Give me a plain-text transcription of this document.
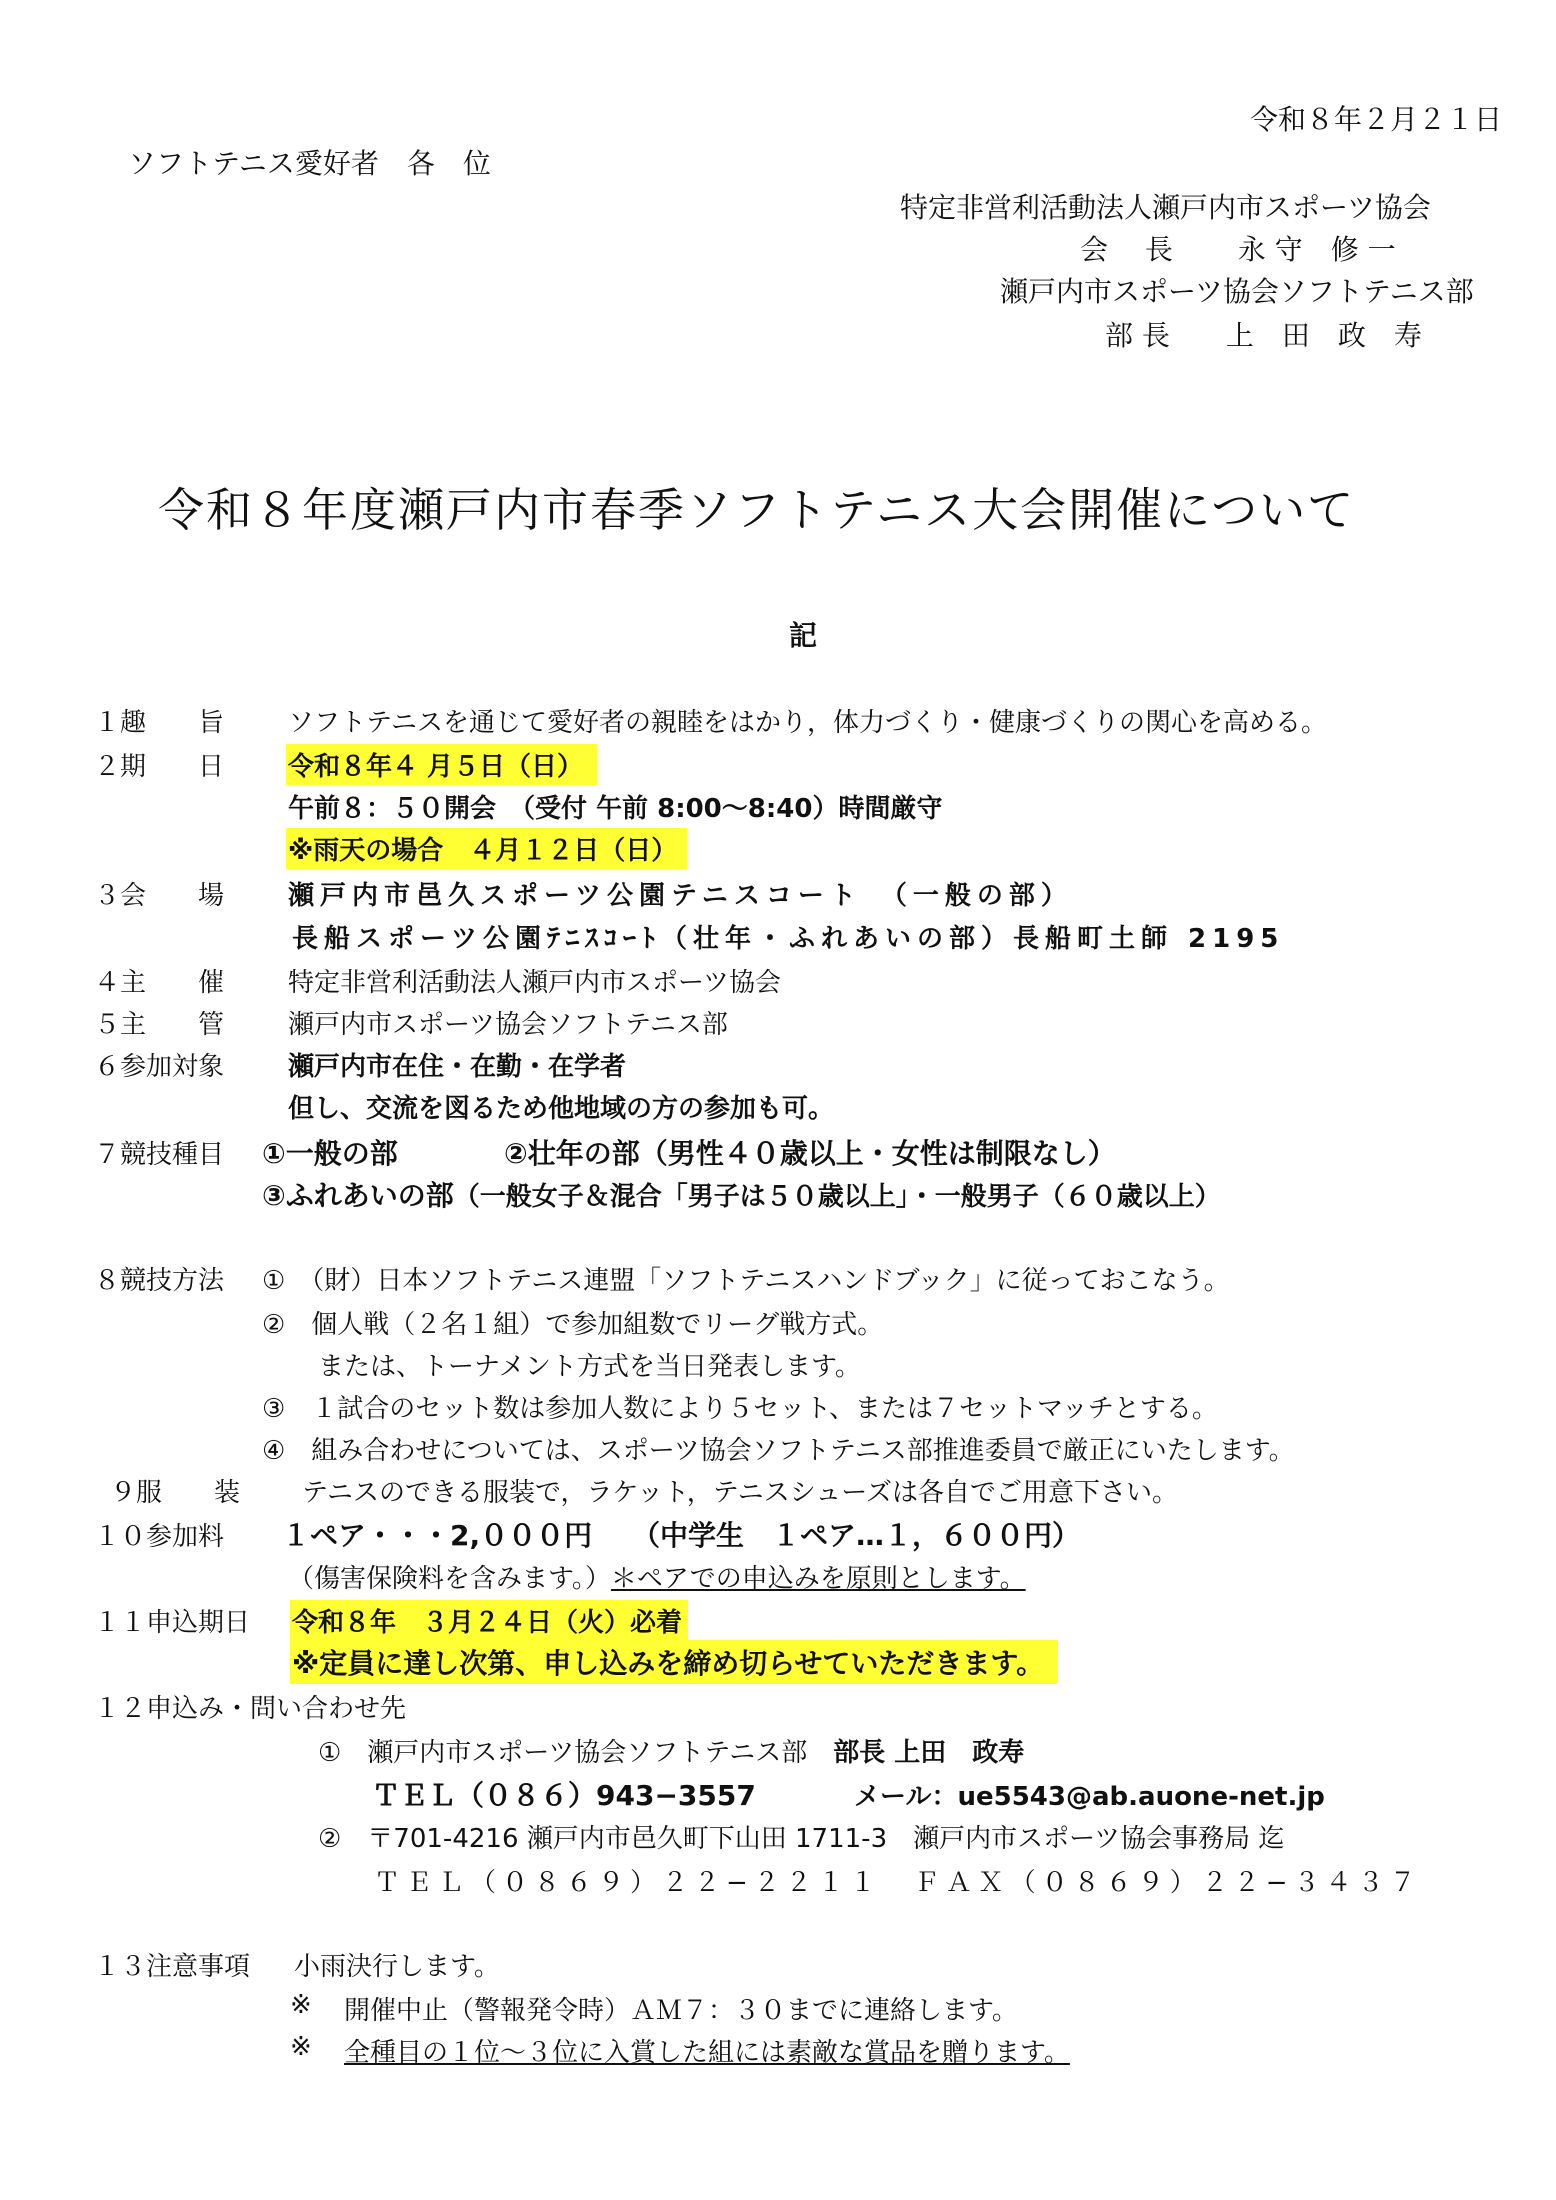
令和８年２月２１日
ソフトテニス愛好者　各　位
特定非営利活動法人瀬戸内市スポーツ協会
会　 長　　 永 守　修 一
瀬戸内市スポーツ協会ソフトテニス部
部 長　　上　田　政　寿
令和８年度瀬戸内市春季ソフトテニス大会開催について
記
１趣　　旨 ソフトテニスを通じて愛好者の親睦をはかり，体力づくり・健康づくりの関心を高める。
２期　　日 令和８年４ 月５日（日）
午前８：５０開会　（受付 午前 8:00～8:40）時間厳守
※雨天の場合　４月１２日（日）
３会　　場 瀬戸内市邑久スポーツ公園テニスコート　（一般の部）
長船スポーツ公園ﾃﾆｽｺｰﾄ（壮年・ふれあいの部）長船町土師 2195
４主　　催 特定非営利活動法人瀬戸内市スポーツ協会
５主　　管 瀬戸内市スポーツ協会ソフトテニス部
６参加対象 瀬戸内市在住・在勤・在学者
但し、交流を図るため他地域の方の参加も可。
７競技種目 ①一般の部	②壮年の部（男性４０歳以上・女性は制限なし）
③ふれあいの部（一般女子＆混合「男子は５０歳以上」・一般男子（６０歳以上）
８競技方法 ①　（財）日本ソフトテニス連盟「ソフトテニスハンドブック」に従っておこなう。
②　個人戦（２名１組）で参加組数でリーグ戦方式。
または、トーナメント方式を当日発表します。
③　１試合のセット数は参加人数により５セット、または７セットマッチとする。
④　組み合わせについては、スポーツ協会ソフトテニス部推進委員で厳正にいたします。
９服　　装 テニスのできる服装で，ラケット，テニスシューズは各自でご用意下さい。
１０参加料 １ペア・・・2,０００円 （中学生　１ペア…１，６００円）
（傷害保険料を含みます。）＊ペアでの申込みを原則とします。
１１申込期日 令和８年　３月２４日（火）必着
※定員に達し次第、申し込みを締め切らせていただきます。
１２申込み・問い合わせ先
①　瀬戸内市スポーツ協会ソフトテニス部 部長 上田　政寿
ＴＥＬ（０８６）943−3557	メール：ue5543@ab.auone-net.jp
②　〒701-4216 瀬戸内市邑久町下山田 1711-3　瀬戸内市スポーツ協会事務局 迄
ＴＥＬ（０８６９）２２−２２１１　ＦＡＸ（０８６９）２２−３４３７
１３注意事項 小雨決行します。
※ 開催中止（警報発令時）ＡＭ７：３０までに連絡します。
※ 全種目の１位～３位に入賞した組には素敵な賞品を贈ります。
